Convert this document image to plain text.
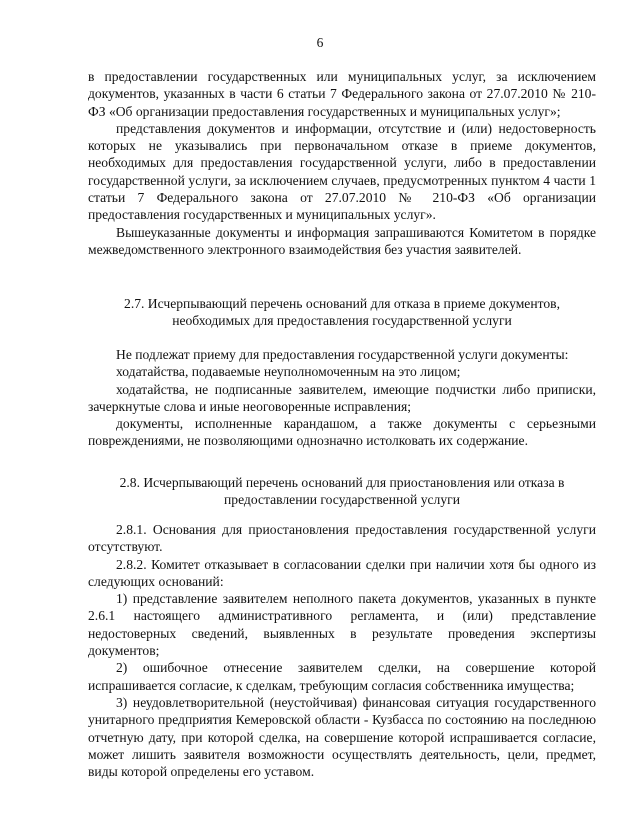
6

в предоставлении государственных или муниципальных услуг, за исключением документов, указанных в части 6 статьи 7 Федерального закона от 27.07.2010 № 210-ФЗ «Об организации предоставления государственных и муниципальных услуг»;

представления документов и информации, отсутствие и (или) недостоверность которых не указывались при первоначальном отказе в приеме документов, необходимых для предоставления государственной услуги, либо в предоставлении государственной услуги, за исключением случаев, предусмотренных пунктом 4 части 1 статьи 7 Федерального закона от 27.07.2010 № 210-ФЗ «Об организации предоставления государственных и муниципальных услуг».

Вышеуказанные документы и информация запрашиваются Комитетом в порядке межведомственного электронного взаимодействия без участия заявителей.

2.7. Исчерпывающий перечень оснований для отказа в приеме документов,
необходимых для предоставления государственной услуги

Не подлежат приему для предоставления государственной услуги документы:

ходатайства, подаваемые неуполномоченным на это лицом;

ходатайства, не подписанные заявителем, имеющие подчистки либо приписки, зачеркнутые слова и иные неоговоренные исправления;

документы, исполненные карандашом, а также документы с серьезными повреждениями, не позволяющими однозначно истолковать их содержание.

2.8. Исчерпывающий перечень оснований для приостановления или отказа в
предоставлении государственной услуги

2.8.1. Основания для приостановления предоставления государственной услуги отсутствуют.

2.8.2. Комитет отказывает в согласовании сделки при наличии хотя бы одного из следующих оснований:

1) представление заявителем неполного пакета документов, указанных в пункте 2.6.1 настоящего административного регламента, и (или) представление недостоверных сведений, выявленных в результате проведения экспертизы документов;

2) ошибочное отнесение заявителем сделки, на совершение которой испрашивается согласие, к сделкам, требующим согласия собственника имущества;

3) неудовлетворительной (неустойчивая) финансовая ситуация государственного унитарного предприятия Кемеровской области - Кузбасса по состоянию на последнюю отчетную дату, при которой сделка, на совершение которой испрашивается согласие, может лишить заявителя возможности осуществлять деятельность, цели, предмет, виды которой определены его уставом.
